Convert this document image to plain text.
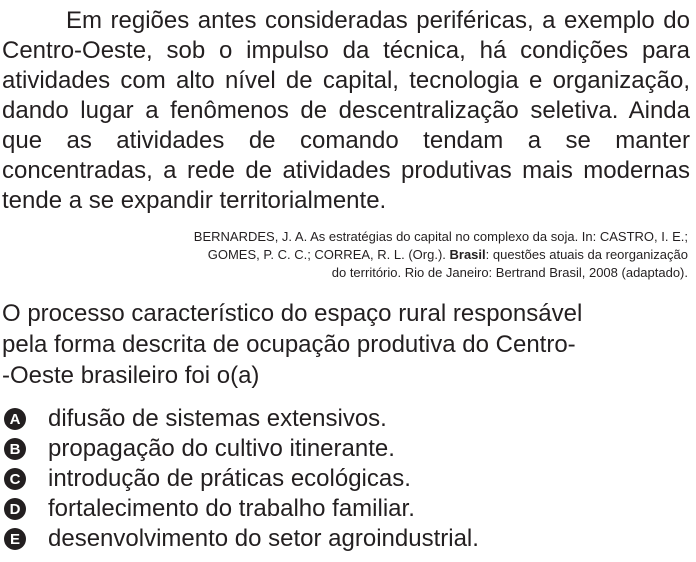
Em regiões antes consideradas periféricas, a exemplo do Centro-Oeste, sob o impulso da técnica, há condições para atividades com alto nível de capital, tecnologia e organização, dando lugar a fenômenos de descentralização seletiva. Ainda que as atividades de comando tendam a se manter concentradas, a rede de atividades produtivas mais modernas tende a se expandir territorialmente.

BERNARDES, J. A. As estratégias do capital no complexo da soja. In: CASTRO, I. E.;
GOMES, P. C. C.; CORREA, R. L. (Org.). Brasil: questões atuais da reorganização
do território. Rio de Janeiro: Bertrand Brasil, 2008 (adaptado).
O processo característico do espaço rural responsável
pela forma descrita de ocupação produtiva do Centro-
-Oeste brasileiro foi o(a)
A difusão de sistemas extensivos.
B propagação do cultivo itinerante.
C introdução de práticas ecológicas.
D fortalecimento do trabalho familiar.
E desenvolvimento do setor agroindustrial.
